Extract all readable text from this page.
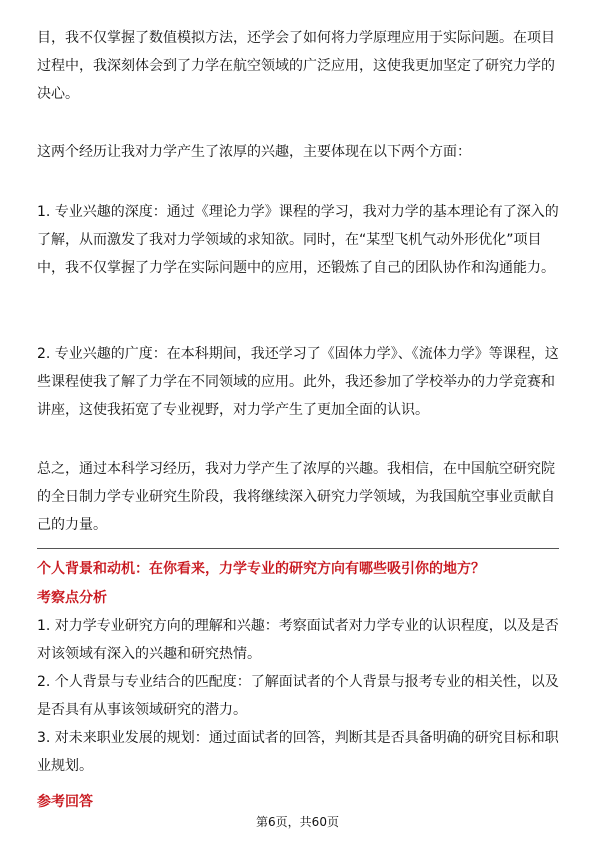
目，我不仅掌握了数值模拟方法，还学会了如何将力学原理应用于实际问题。在项目过程中，我深刻体会到了力学在航空领域的广泛应用，这使我更加坚定了研究力学的决心。

这两个经历让我对力学产生了浓厚的兴趣，主要体现在以下两个方面：

1. 专业兴趣的深度：通过《理论力学》课程的学习，我对力学的基本理论有了深入的了解，从而激发了我对力学领域的求知欲。同时，在“某型飞机气动外形优化”项目中，我不仅掌握了力学在实际问题中的应用，还锻炼了自己的团队协作和沟通能力。

2. 专业兴趣的广度：在本科期间，我还学习了《固体力学》、《流体力学》等课程，这些课程使我了解了力学在不同领域的应用。此外，我还参加了学校举办的力学竞赛和讲座，这使我拓宽了专业视野，对力学产生了更加全面的认识。

总之，通过本科学习经历，我对力学产生了浓厚的兴趣。我相信，在中国航空研究院的全日制力学专业研究生阶段，我将继续深入研究力学领域，为我国航空事业贡献自己的力量。

个人背景和动机：在你看来，力学专业的研究方向有哪些吸引你的地方？
考察点分析

1. 对力学专业研究方向的理解和兴趣：考察面试者对力学专业的认识程度，以及是否对该领域有深入的兴趣和研究热情。

2. 个人背景与专业结合的匹配度：了解面试者的个人背景与报考专业的相关性，以及是否具有从事该领域研究的潜力。

3. 对未来职业发展的规划：通过面试者的回答，判断其是否具备明确的研究目标和职业规划。

参考回答
第6页，共60页
